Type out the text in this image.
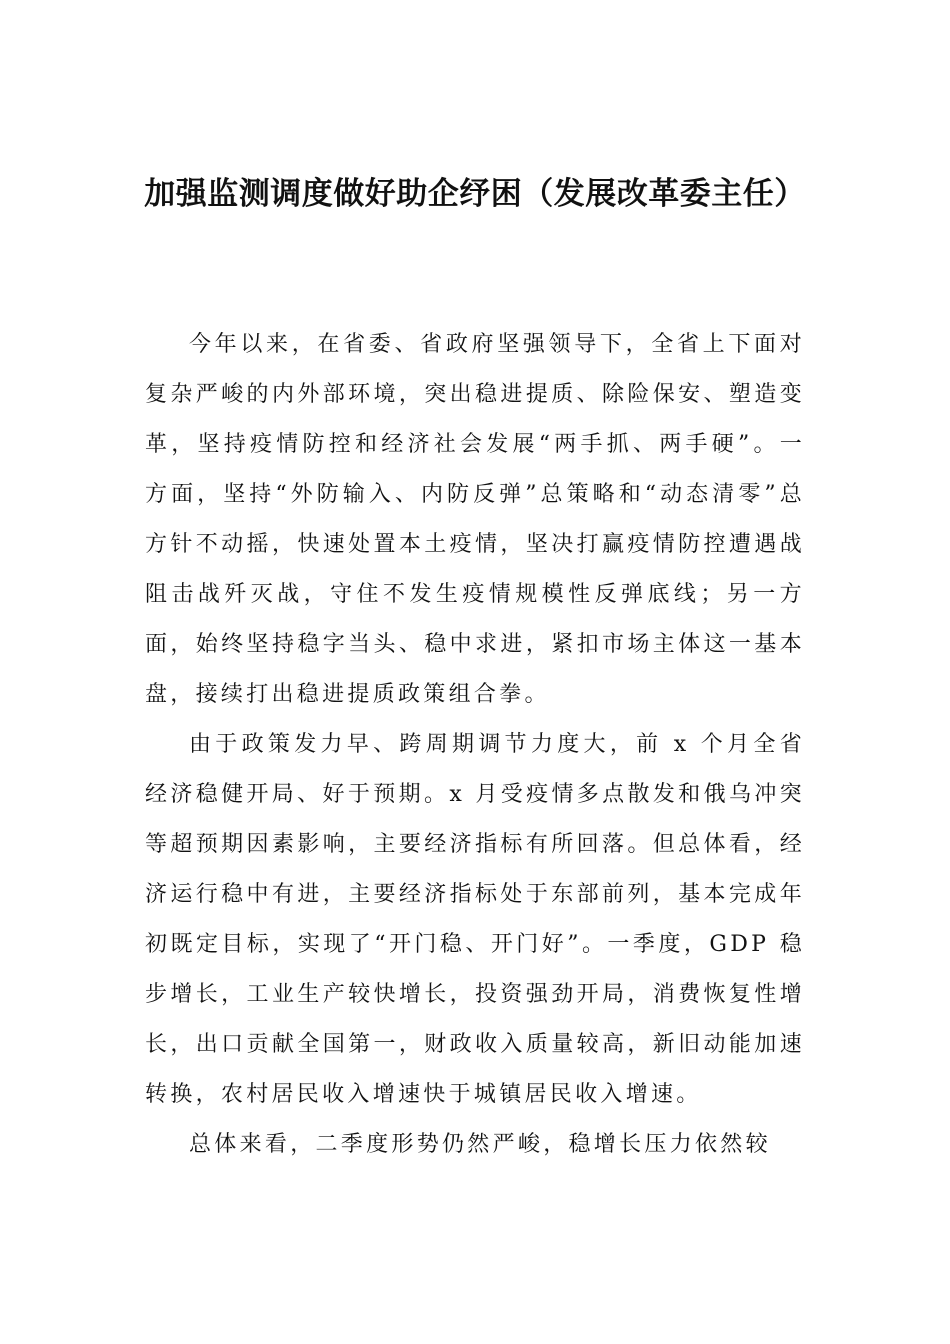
加强监测调度做好助企纾困（发展改革委主任）

今年以来，在省委、省政府坚强领导下，全省上下面对复杂严峻的内外部环境，突出稳进提质、除险保安、塑造变革，坚持疫情防控和经济社会发展“两手抓、两手硬”。一方面，坚持“外防输入、内防反弹”总策略和“动态清零”总方针不动摇，快速处置本土疫情，坚决打赢疫情防控遭遇战阻击战歼灭战，守住不发生疫情规模性反弹底线；另一方面，始终坚持稳字当头、稳中求进，紧扣市场主体这一基本盘，接续打出稳进提质政策组合拳。

由于政策发力早、跨周期调节力度大，前 x 个月全省经济稳健开局、好于预期。x 月受疫情多点散发和俄乌冲突等超预期因素影响，主要经济指标有所回落。但总体看，经济运行稳中有进，主要经济指标处于东部前列，基本完成年初既定目标，实现了“开门稳、开门好”。一季度，GDP 稳步增长，工业生产较快增长，投资强劲开局，消费恢复性增长，出口贡献全国第一，财政收入质量较高，新旧动能加速转换，农村居民收入增速快于城镇居民收入增速。

总体来看，二季度形势仍然严峻，稳增长压力依然较
